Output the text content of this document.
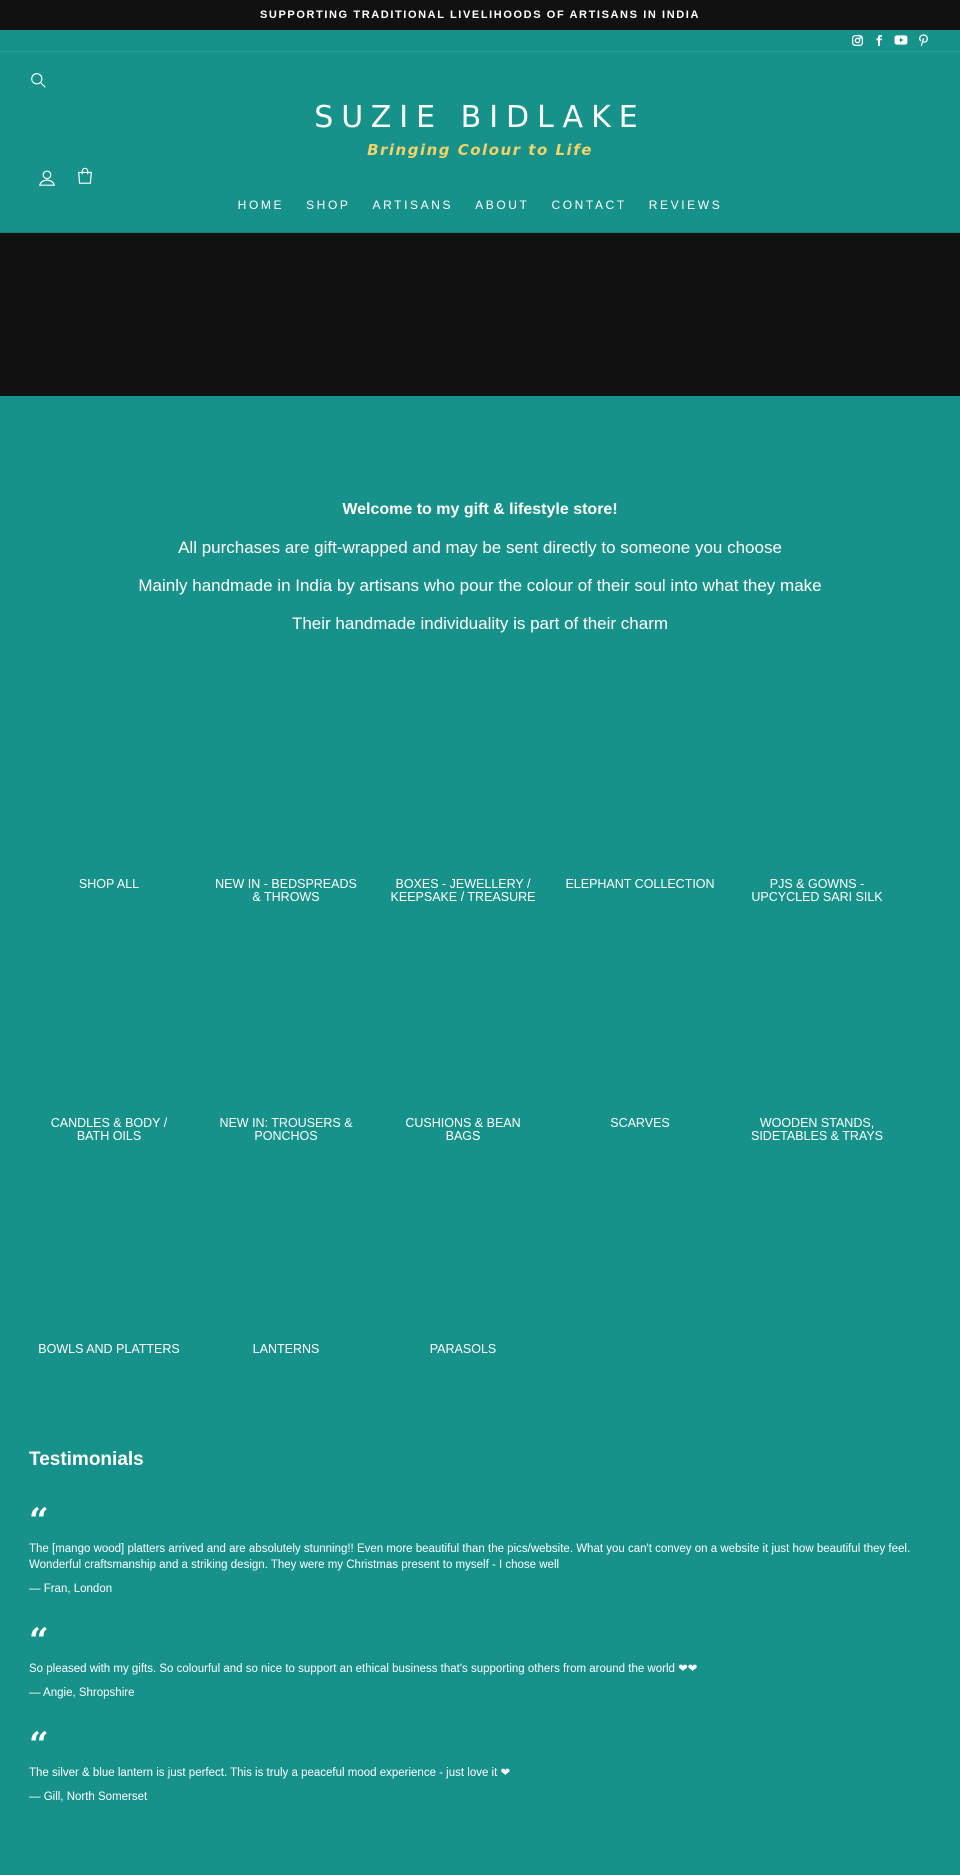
SUPPORTING TRADITIONAL LIVELIHOODS OF ARTISANS IN INDIA
SUZIE BIDLAKE
Bringing Colour to Life
HOME SHOP ARTISANS ABOUT CONTACT REVIEWS

Welcome to my gift & lifestyle store!

All purchases are gift-wrapped and may be sent directly to someone you choose

Mainly handmade in India by artisans who pour the colour of their soul into what they make

Their handmade individuality is part of their charm

SHOP ALL	NEW IN - BEDSPREADS & THROWS
BOXES - JEWELLERY / KEEPSAKE / TREASURE
ELEPHANT COLLECTION	PJS & GOWNS - UPCYCLED SARI SILK
CANDLES & BODY / BATH OILS
NEW IN: TROUSERS & PONCHOS
CUSHIONS & BEAN BAGS
SCARVES	WOODEN STANDS, SIDETABLES & TRAYS
BOWLS AND PLATTERS	LANTERNS	PARASOLS
Testimonials
“

The [mango wood] platters arrived and are absolutely stunning!! Even more beautiful than the pics/website. What you can't convey on a website it just how beautiful they feel. Wonderful craftsmanship and a striking design. They were my Christmas present to myself - I chose well

— Fran, London

“

So pleased with my gifts. So colourful and so nice to support an ethical business that's supporting others from around the world ❤❤

— Angie, Shropshire

“

The silver & blue lantern is just perfect. This is truly a peaceful mood experience - just love it ❤

— Gill, North Somerset
